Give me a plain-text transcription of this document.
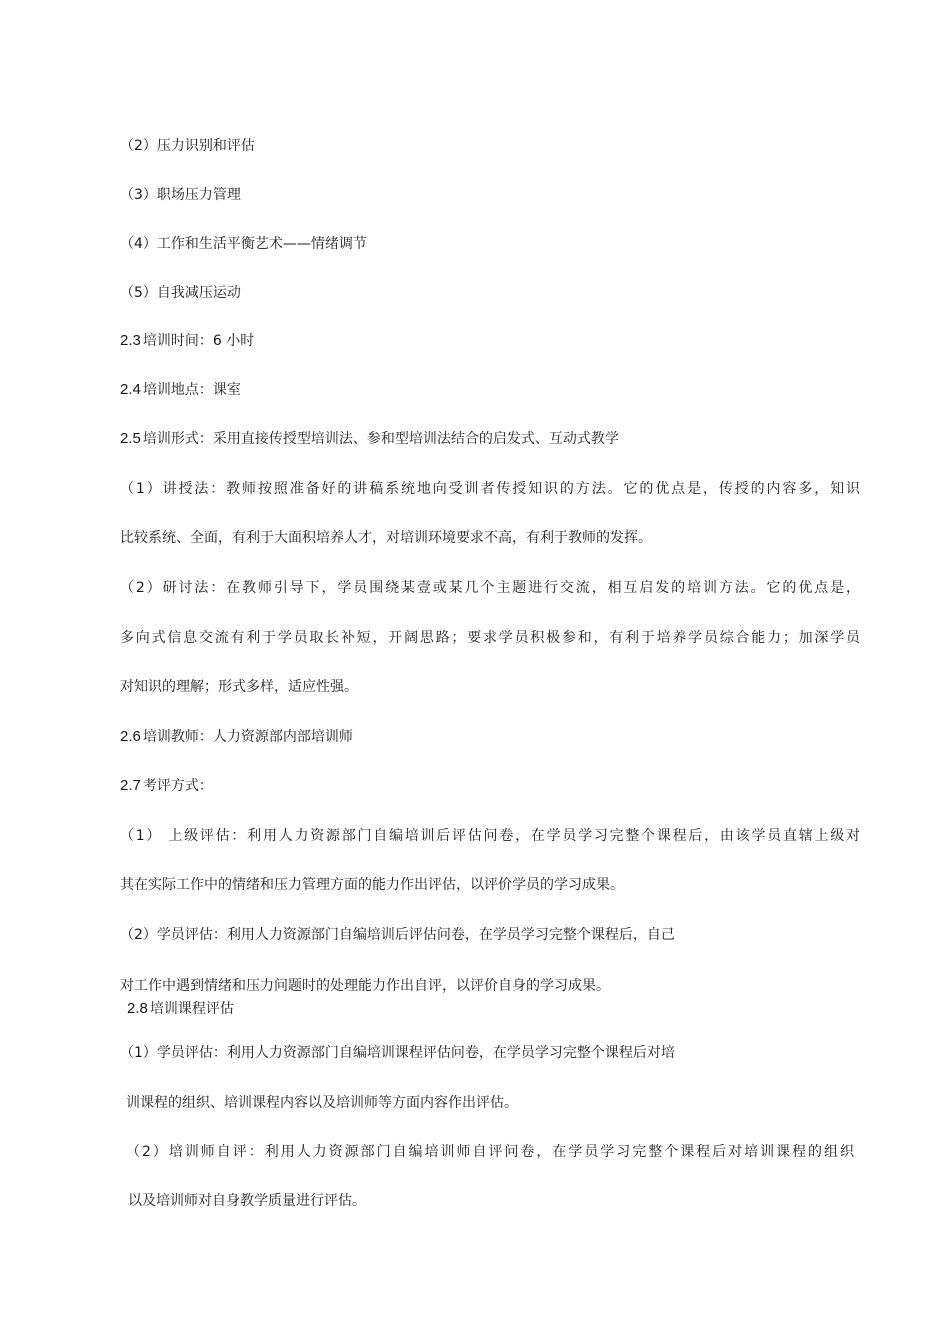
（2）压力识别和评估
（3）职场压力管理
（4）工作和生活平衡艺术——情绪调节
（5）自我减压运动
2.3 培训时间：6 小时
2.4 培训地点：课室
2.5 培训形式：采用直接传授型培训法、参和型培训法结合的启发式、互动式教学
（1）讲授法：教师按照准备好的讲稿系统地向受训者传授知识的方法。它的优点是，传授的内容多，知识
比较系统、全面，有利于大面积培养人才，对培训环境要求不高，有利于教师的发挥。
（2）研讨法：在教师引导下，学员围绕某壹或某几个主题进行交流，相互启发的培训方法。它的优点是，
多向式信息交流有利于学员取长补短，开阔思路；要求学员积极参和，有利于培养学员综合能力；加深学员
对知识的理解；形式多样，适应性强。
2.6 培训教师：人力资源部内部培训师
2.7 考评方式：
（1） 上级评估：利用人力资源部门自编培训后评估问卷，在学员学习完整个课程后，由该学员直辖上级对
其在实际工作中的情绪和压力管理方面的能力作出评估，以评价学员的学习成果。
（2）学员评估：利用人力资源部门自编培训后评估问卷，在学员学习完整个课程后，自己
对工作中遇到情绪和压力问题时的处理能力作出自评，以评价自身的学习成果。
2.8 培训课程评估
（1）学员评估：利用人力资源部门自编培训课程评估问卷，在学员学习完整个课程后对培
训课程的组织、培训课程内容以及培训师等方面内容作出评估。
（2）培训师自评：利用人力资源部门自编培训师自评问卷，在学员学习完整个课程后对培训课程的组织
以及培训师对自身教学质量进行评估。
